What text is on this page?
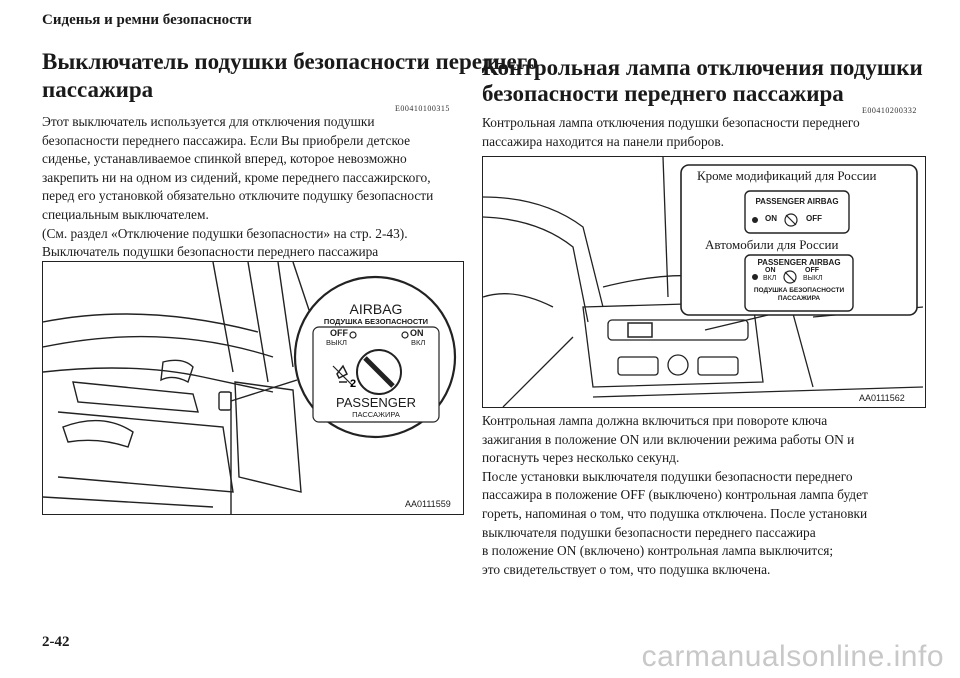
Сиденья и ремни безопасности
Выключатель подушки безопасности переднего
пассажира
E00410100315

Этот выключатель используется для отключения подушки

безопасности переднего пассажира. Если Вы приобрели детское

сиденье, устанавливаемое спинкой вперед, которое невозможно

закрепить ни на одном из сидений, кроме переднего пассажирского,

перед его установкой обязательно отключите подушку безопасности

специальным выключателем.

(См. раздел «Отключение подушки безопасности» на стр. 2-43).

Выключатель подушки безопасности переднего пассажира

2
AIRBAG
ПОДУШКА БЕЗОПАСНОСТИ
OFF
ВЫКЛ
ON
ВКЛ
PASSENGER
ПАССАЖИРА
AA0111559
Контрольная лампа отключения подушки
безопасности переднего пассажира
E00410200332

Контрольная лампа отключения подушки безопасности переднего

пассажира находится на панели приборов.

Кроме модификаций для России
PASSENGER AIRBAG
ON	OFF
Автомобили для России
PASSENGER AIRBAG
ON
ВКЛ
OFF
ВЫКЛ
ПОДУШКА БЕЗОПАСНОСТИ
ПАССАЖИРА
AA0111562

Контрольная лампа должна включиться при повороте ключа

зажигания в положение ON или включении режима работы ON и

погаснуть через несколько секунд.

После установки выключателя подушки безопасности переднего

пассажира в положение OFF (выключено) контрольная лампа будет

гореть, напоминая о том, что подушка отключена. После установки

выключателя подушки безопасности переднего пассажира

в положение ON (включено) контрольная лампа выключится;

это свидетельствует о том, что подушка включена.

2-42	carmanualsonline.info
